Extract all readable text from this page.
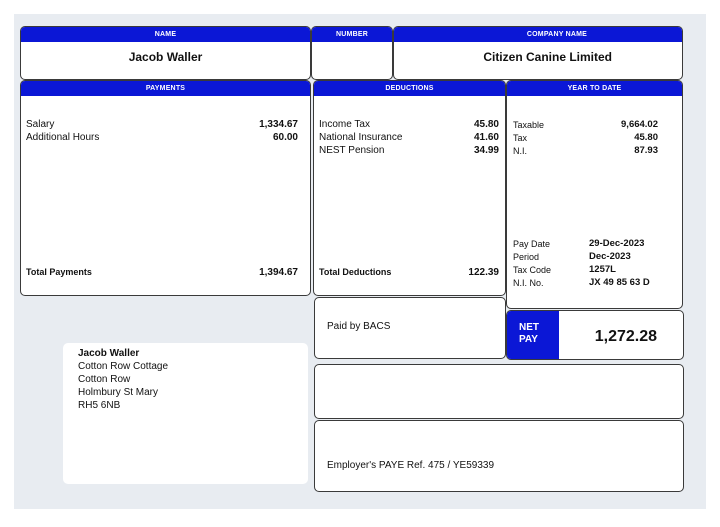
NAME
Jacob Waller
NUMBER	COMPANY NAME
Citizen Canine Limited
PAYMENTS
Salary	1,334.67
Additional Hours	60.00
Total Payments	1,394.67
DEDUCTIONS
Income Tax	45.80
National Insurance	41.60
NEST Pension	34.99
Total Deductions	122.39
YEAR TO DATE
Taxable	9,664.02
Tax	45.80
N.I.	87.93
Pay Date	29-Dec-2023
Period	Dec-2023
Tax Code	1257L
N.I. No.	JX 49 85 63 D
Paid by BACS	NET
PAY	1,272.28
Employer's PAYE Ref. 475 / YE59339
Jacob Waller
Cotton Row Cottage
Cotton Row
Holmbury St Mary
RH5 6NB
